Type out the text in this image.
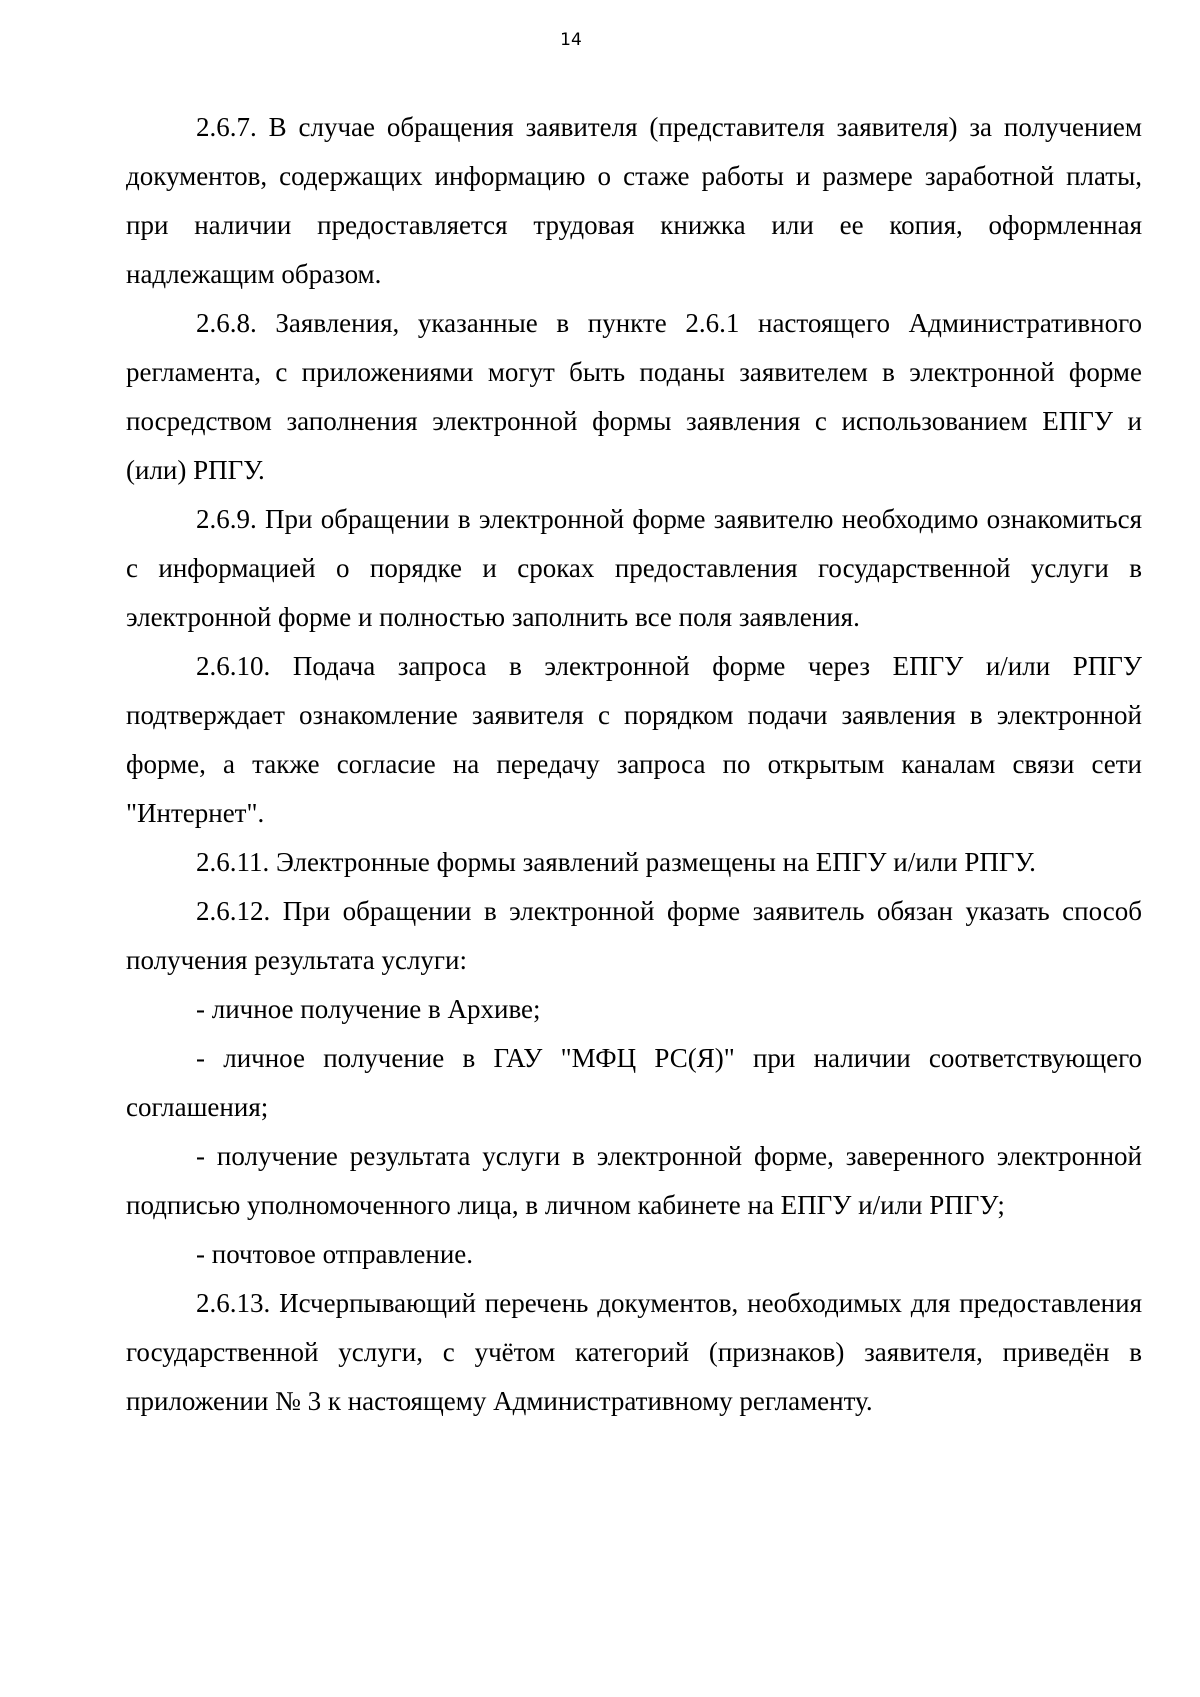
14

2.6.7. В случае обращения заявителя (представителя заявителя) за получением документов, содержащих информацию о стаже работы и размере заработной платы, при наличии предоставляется трудовая книжка или ее копия, оформленная надлежащим образом.

2.6.8. Заявления, указанные в пункте 2.6.1 настоящего Административного регламента, с приложениями могут быть поданы заявителем в электронной форме посредством заполнения электронной формы заявления с использованием ЕПГУ и (или) РПГУ.

2.6.9. При обращении в электронной форме заявителю необходимо ознакомиться с информацией о порядке и сроках предоставления государственной услуги в электронной форме и полностью заполнить все поля заявления.

2.6.10. Подача запроса в электронной форме через ЕПГУ и/или РПГУ подтверждает ознакомление заявителя с порядком подачи заявления в электронной форме, а также согласие на передачу запроса по открытым каналам связи сети "Интернет".

2.6.11. Электронные формы заявлений размещены на ЕПГУ и/или РПГУ.

2.6.12. При обращении в электронной форме заявитель обязан указать способ получения результата услуги:

- личное получение в Архиве;

- личное получение в ГАУ "МФЦ РС(Я)" при наличии соответствующего соглашения;

- получение результата услуги в электронной форме, заверенного электронной подписью уполномоченного лица, в личном кабинете на ЕПГУ и/или РПГУ;

- почтовое отправление.

2.6.13. Исчерпывающий перечень документов, необходимых для предоставления государственной услуги, с учётом категорий (признаков) заявителя, приведён в приложении № 3 к настоящему Административному регламенту.
